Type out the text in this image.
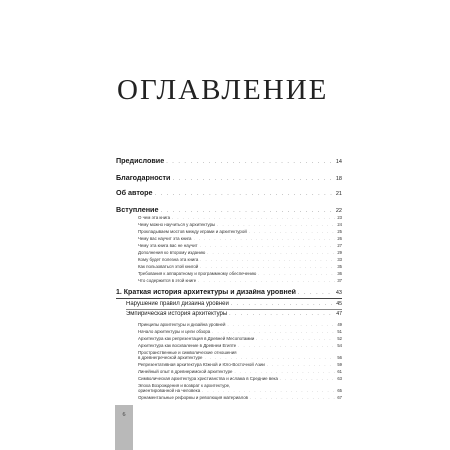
ОГЛАВЛЕНИЕ
Предисловие . . .	14
Благодарности . . .	18
Об авторе . . .	21
Вступление . . .	22
О чем эта книга . . .	23
Чему можно научиться у архитектуры . . .	24
Прокладываем мостов между играми и архитектурой . . .	25
Чему вас научит эта книга . . .	26
Чему эта книга вас не научит . . .	27
Дополнения ко второму изданию . . .	29
Кому будет полезна эта книга . . .	33
Как пользоваться этой книгой . . .	35
Требования к аппаратному и программному обеспечению . . .	36
Что содержится в этой книге . . .	37
1. Краткая история архитектуры и дизайна уровней . . .	43
Нарушение правил дизайна уровней . . .	45
Эмпирическая история архитектуры . . .	47
Принципы архитектуры и дизайна уровней . . .	49
Начало архитектуры и цели обзора . . .	51
Архитектура как репрезентация в Древней Месопотамии . . .	52
Архитектура как восхваление в Древнем Египте . . .	54
Пространственные и символические отношения
в древнегреческой архитектуре . . .	56
Репрезентативная архитектура Южной и Юго-Восточной Азии . . .	59
Линейный опыт в древнеримской архитектуре . . .	61
Символическая архитектура христианства и ислама в Средние века . . .	63
Эпоха Возрождения и возврат к архитектуре,
ориентированной на человека . . .	65
Орнаментальные реформы и революция материалов . . .	67
6
